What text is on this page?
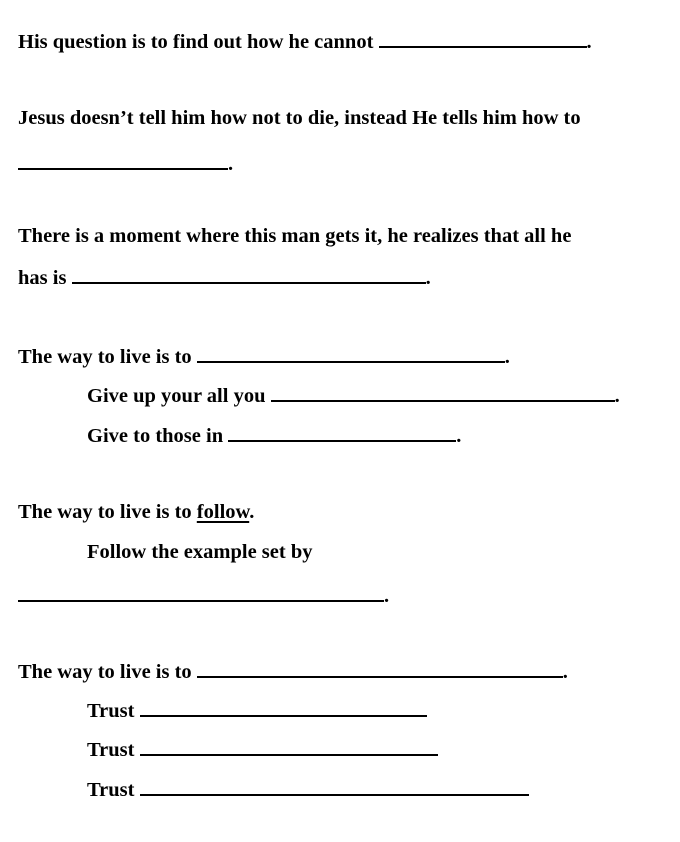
His question is to find out how he cannot	.
Jesus doesn’t tell him how not to die, instead He tells him how to
.
There is a moment where this man gets it, he realizes that all he
has is	.
The way to live is to	.
Give up your all you	.
Give to those in	.
The way to live is to follow.
Follow the example set by
.
The way to live is to	.
Trust
Trust
Trust
